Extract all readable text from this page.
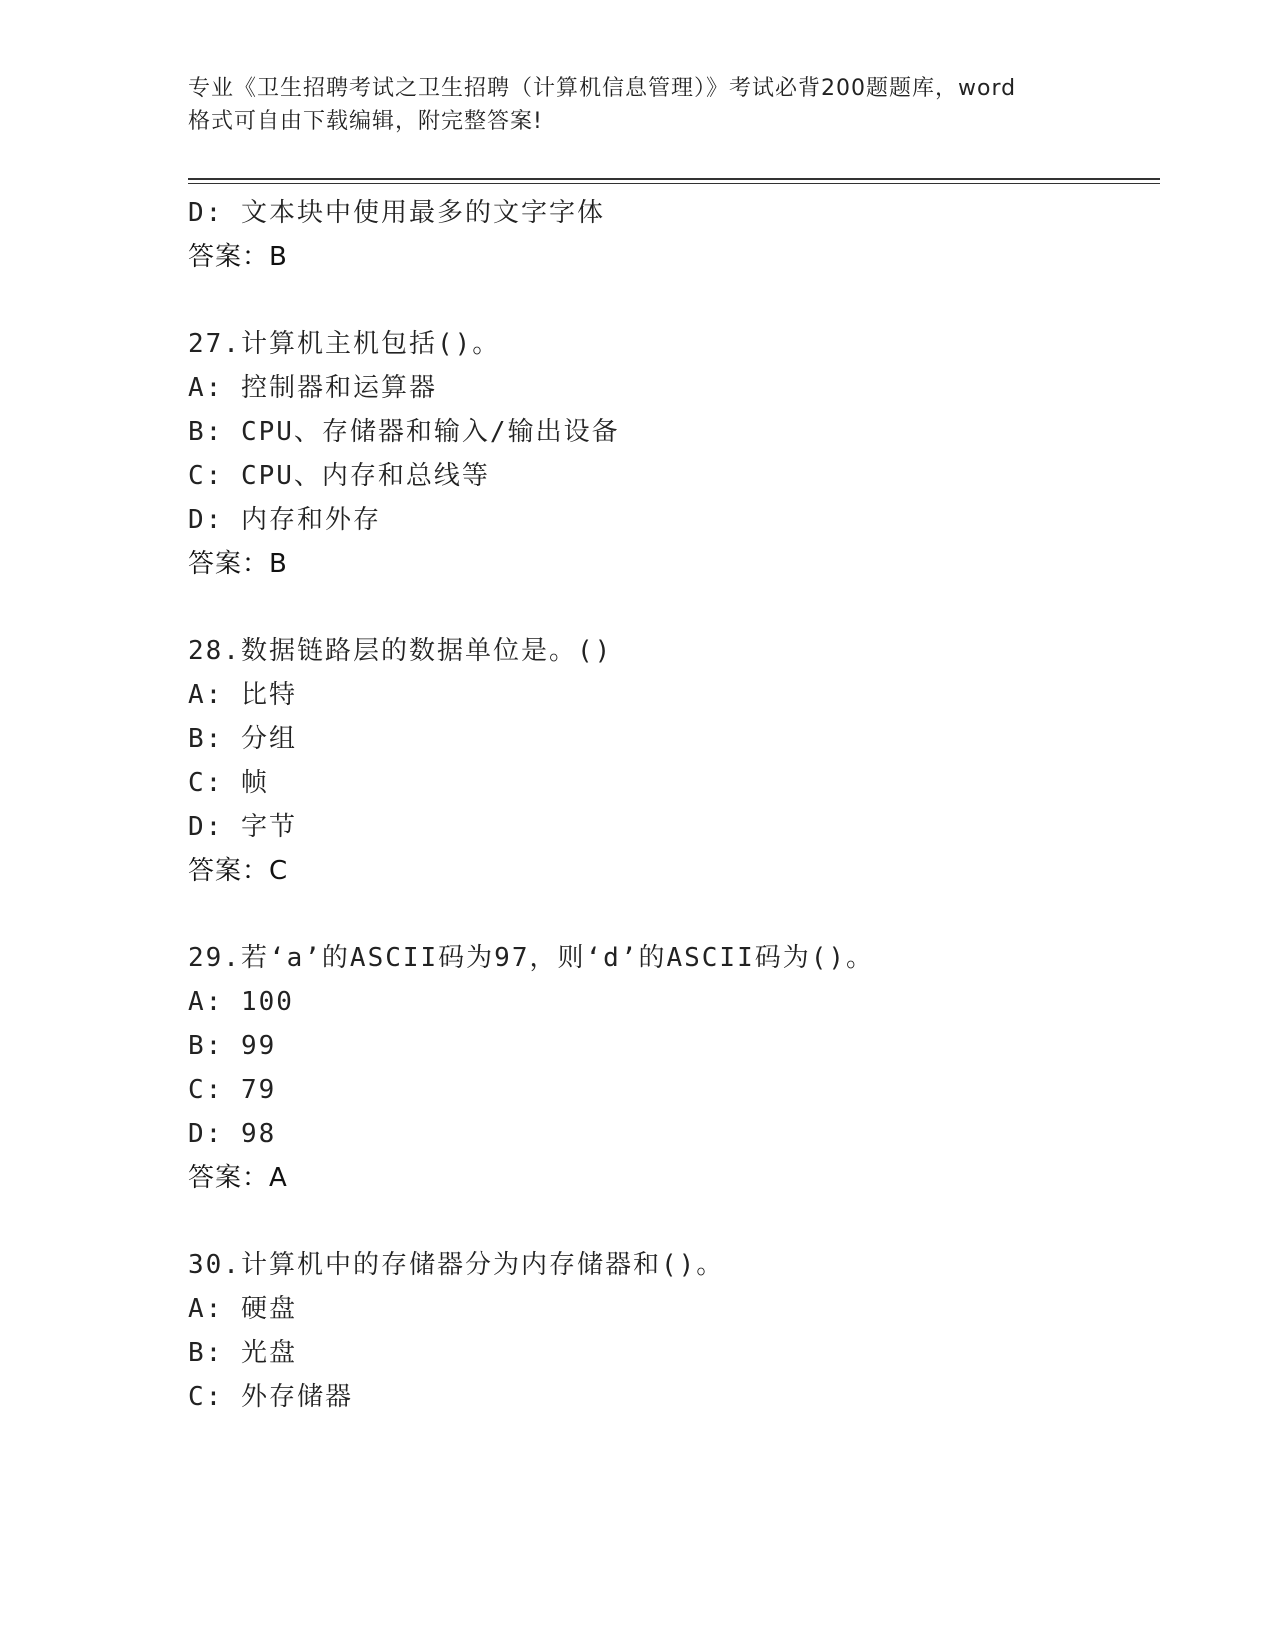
专业《卫生招聘考试之卫生招聘（计算机信息管理）》考试必背200题题库，word
格式可自由下载编辑，附完整答案!
D: 文本块中使用最多的文字字体
答案：B
27.计算机主机包括()。
A: 控制器和运算器
B: CPU、存储器和输入/输出设备
C: CPU、内存和总线等
D: 内存和外存
答案：B
28.数据链路层的数据单位是。()
A: 比特
B: 分组
C: 帧
D: 字节
答案：C
29.若‘a’的ASCII码为97，则‘d’的ASCII码为()。
A: 100
B: 99
C: 79
D: 98
答案：A
30.计算机中的存储器分为内存储器和()。
A: 硬盘
B: 光盘
C: 外存储器
